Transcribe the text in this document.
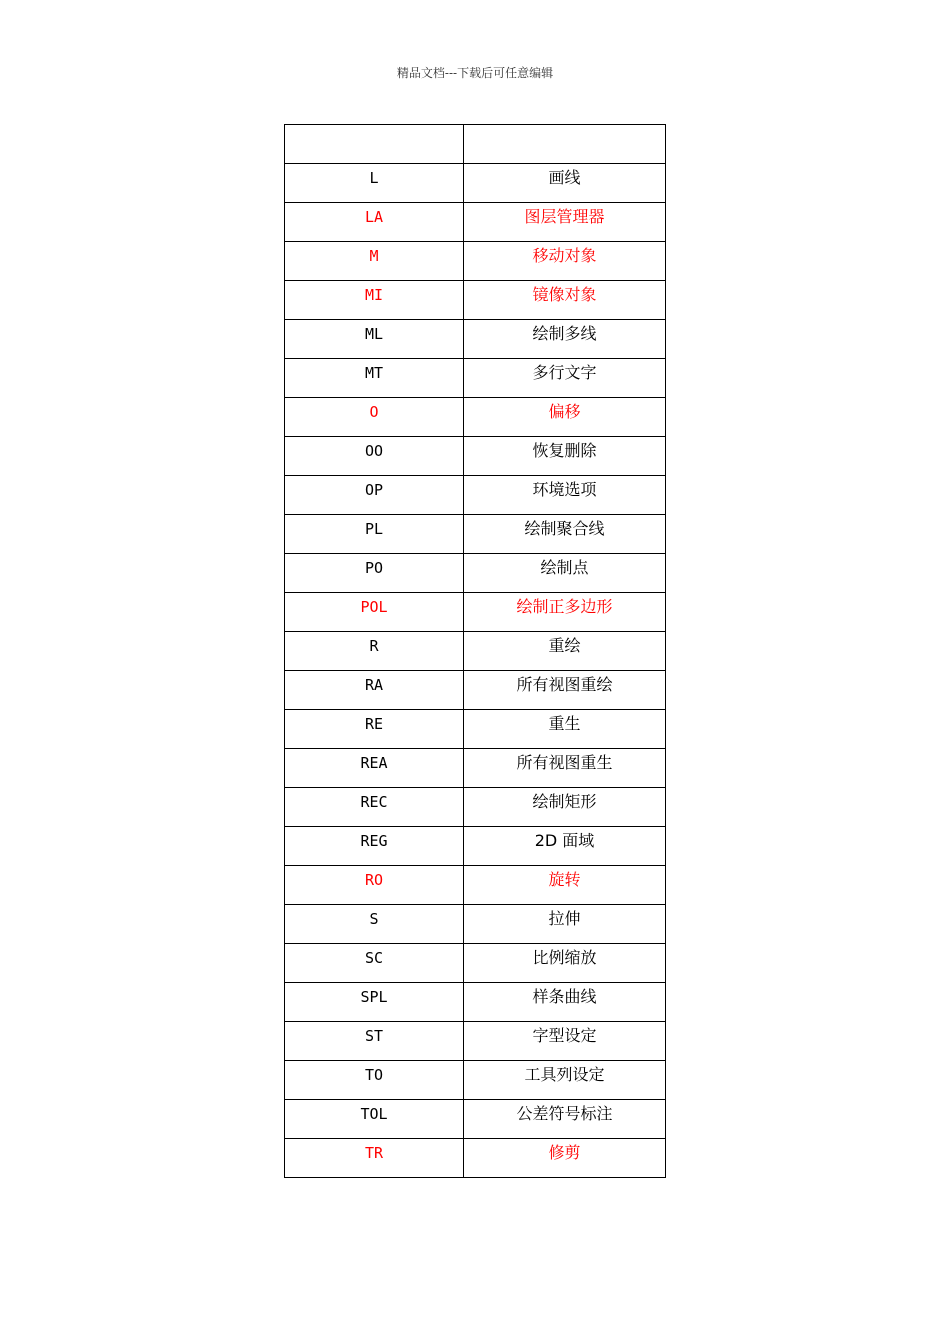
精品文档---下载后可任意编辑

L	画线
LA	图层管理器
M	移动对象
MI	镜像对象
ML	绘制多线
MT	多行文字
O	偏移
OO	恢复删除
OP	环境选项
PL	绘制聚合线
PO	绘制点
POL	绘制正多边形
R	重绘
RA	所有视图重绘
RE	重生
REA	所有视图重生
REC	绘制矩形
REG	2D 面域
RO	旋转
S	拉伸
SC	比例缩放
SPL	样条曲线
ST	字型设定
TO	工具列设定
TOL	公差符号标注
TR	修剪
